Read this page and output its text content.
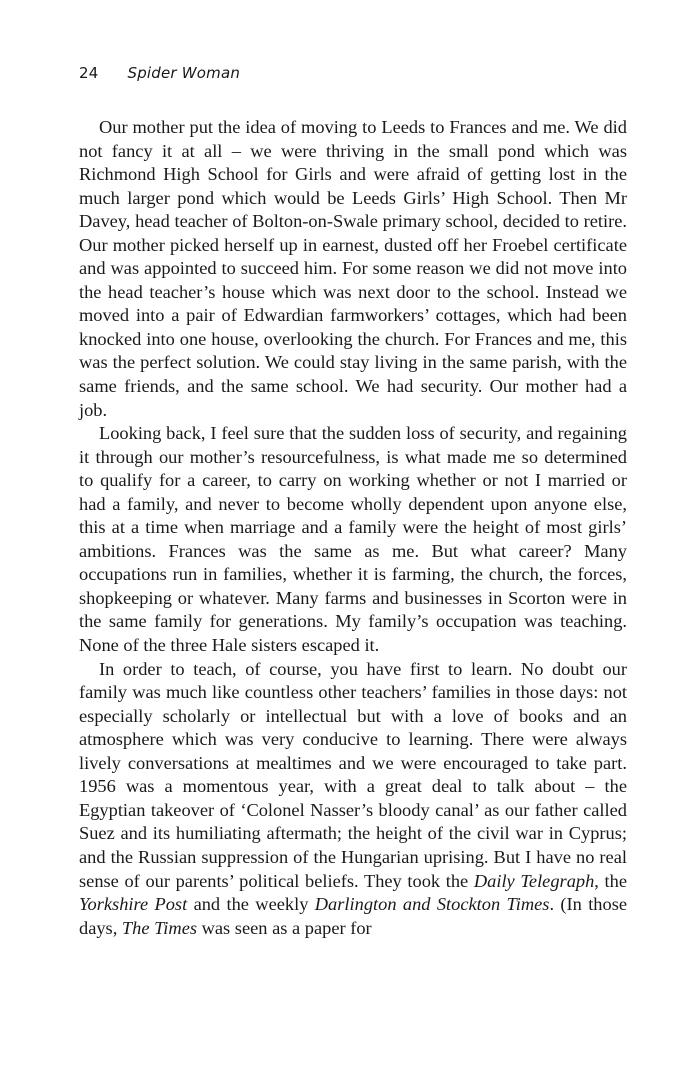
24 Spider Woman

Our mother put the idea of moving to Leeds to Frances and me. We did not fancy it at all – we were thriving in the small pond which was Richmond High School for Girls and were afraid of getting lost in the much larger pond which would be Leeds Girls’ High School. Then Mr Davey, head teacher of Bolton-on-Swale primary school, decided to retire. Our mother picked herself up in earnest, dusted off her Froebel certificate and was appointed to succeed him. For some reason we did not move into the head teacher’s house which was next door to the school. Instead we moved into a pair of Edwardian farmworkers’ cottages, which had been knocked into one house, overlooking the church. For Frances and me, this was the perfect solution. We could stay living in the same parish, with the same friends, and the same school. We had security. Our mother had a job.

Looking back, I feel sure that the sudden loss of security, and regaining it through our mother’s resourcefulness, is what made me so determined to qualify for a career, to carry on working whether or not I married or had a family, and never to become wholly dependent upon anyone else, this at a time when marriage and a family were the height of most girls’ ambitions. Frances was the same as me. But what career? Many occupations run in families, whether it is farming, the church, the forces, shopkeeping or whatever. Many farms and businesses in Scorton were in the same family for generations. My family’s occupation was teaching. None of the three Hale sisters escaped it.

In order to teach, of course, you have first to learn. No doubt our family was much like countless other teachers’ families in those days: not especially scholarly or intellectual but with a love of books and an atmosphere which was very conducive to learning. There were always lively conversations at mealtimes and we were encouraged to take part. 1956 was a momentous year, with a great deal to talk about – the Egyptian takeover of ‘Colonel Nasser’s bloody canal’ as our father called Suez and its humiliating aftermath; the height of the civil war in Cyprus; and the Russian suppression of the Hungarian uprising. But I have no real sense of our parents’ political beliefs. They took the Daily Telegraph, the Yorkshire Post and the weekly Darlington and Stockton Times. (In those days, The Times was seen as a paper for
